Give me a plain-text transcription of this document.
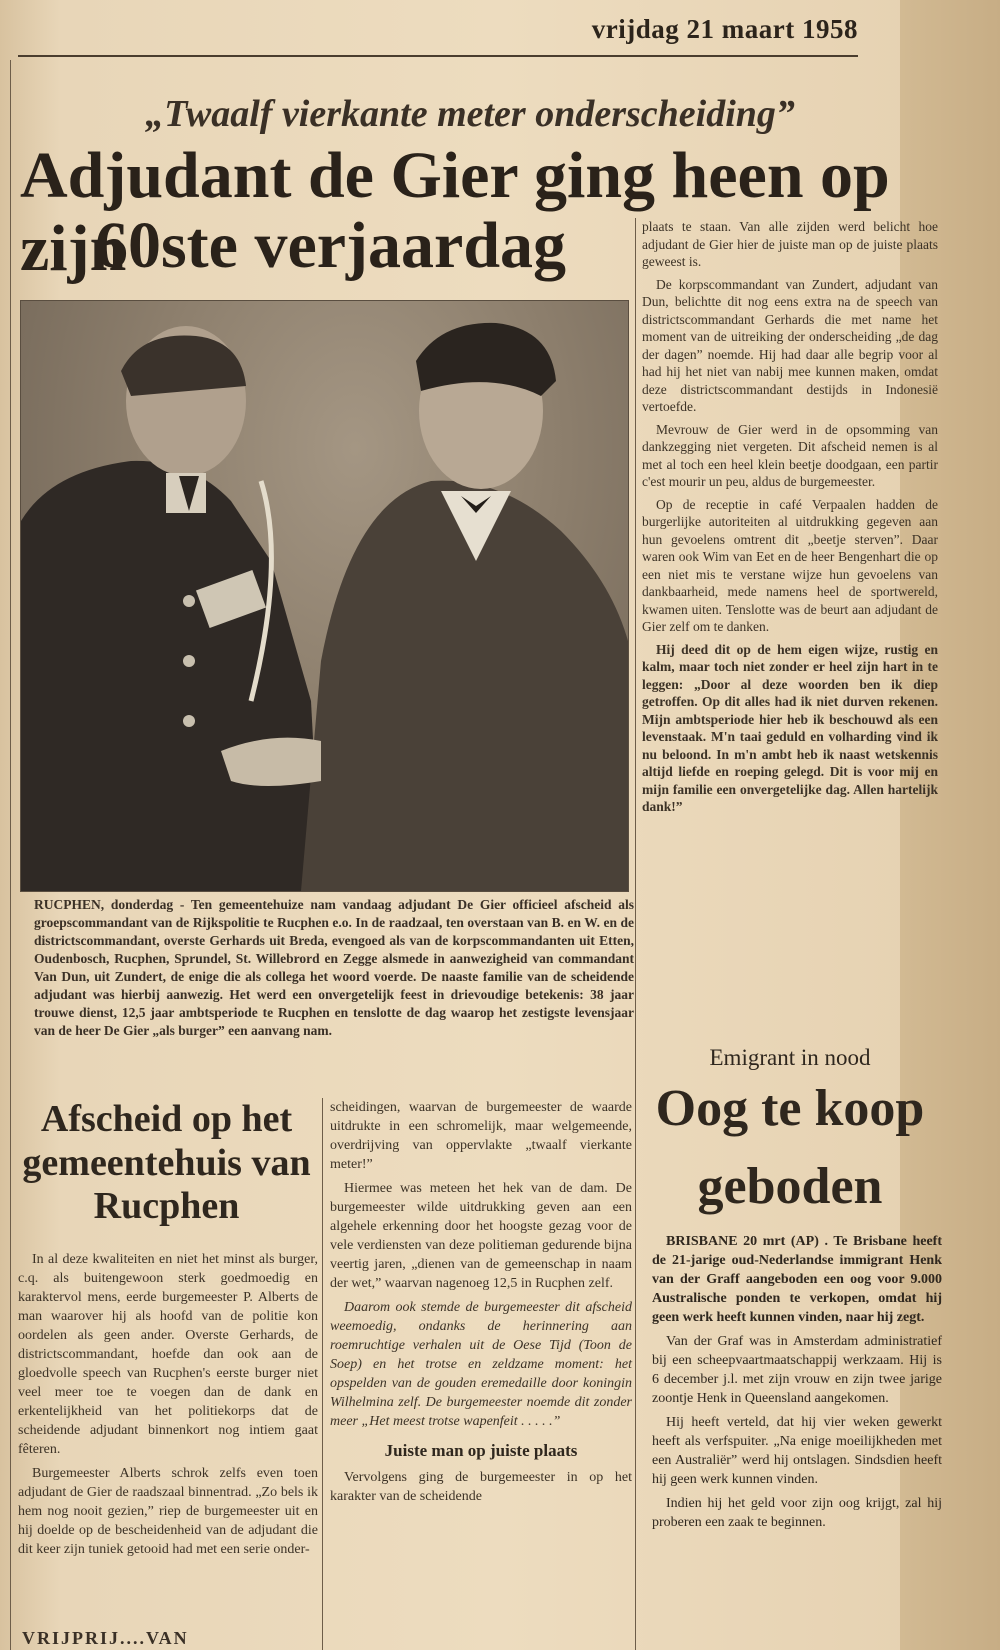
vrijdag 21 maart 1958
„Twaalf vierkante meter onderscheiding”
Adjudant de Gier ging heen op zijn
60ste verjaardag
RUCPHEN, donderdag - Ten gemeentehuize nam vandaag adjudant De Gier officieel afscheid als groepscommandant van de Rijkspolitie te Rucphen e.o. In de raadzaal, ten overstaan van B. en W. en de districtscommandant, overste Gerhards uit Breda, evengoed als van de korpscommandanten uit Etten, Oudenbosch, Rucphen, Sprundel, St. Willebrord en Zegge alsmede in aanwezigheid van commandant Van Dun, uit Zundert, de enige die als collega het woord voerde. De naaste familie van de scheidende adjudant was hierbij aanwezig. Het werd een onvergetelijk feest in drievoudige betekenis: 38 jaar trouwe dienst, 12,5 jaar ambtsperiode te Rucphen en tenslotte de dag waarop het zestigste levensjaar van de heer De Gier „als burger” een aanvang nam.
Afscheid op het gemeentehuis van Rucphen

In al deze kwaliteiten en niet het minst als burger, c.q. als buitengewoon sterk goedmoedig en karaktervol mens, eerde burgemeester P. Alberts de man waarover hij als hoofd van de politie kon oordelen als geen ander. Overste Gerhards, de districtscommandant, hoefde dan ook aan de gloedvolle speech van Rucphen's eerste burger niet veel meer toe te voegen dan de dank en erkentelijkheid van het politiekorps dat de scheidende adjudant binnenkort nog intiem gaat fêteren.

Burgemeester Alberts schrok zelfs even toen adjudant de Gier de raadszaal binnentrad. „Zo bels ik hem nog nooit gezien,” riep de burgemeester uit en hij doelde op de bescheidenheid van de adjudant die dit keer zijn tuniek getooid had met een serie onder-

scheidingen, waarvan de burgemeester de waarde uitdrukte in een schromelijk, maar welgemeende, overdrijving van oppervlakte „twaalf vierkante meter!”

Hiermee was meteen het hek van de dam. De burgemeester wilde uitdrukking geven aan een algehele erkenning door het hoogste gezag voor de vele verdiensten van deze politieman gedurende bijna veertig jaren, „dienen van de gemeenschap in naam der wet,” waarvan nagenoeg 12,5 in Rucphen zelf.

Daarom ook stemde de burgemeester dit afscheid weemoedig, ondanks de herinnering aan roemruchtige verhalen uit de Oese Tijd (Toon de Soep) en het trotse en zeldzame moment: het opspelden van de gouden eremedaille door koningin Wilhelmina zelf. De burgemeester noemde dit zonder meer „Het meest trotse wapenfeit . . . . .”

Juiste man op juiste plaats

Vervolgens ging de burgemeester in op het karakter van de scheidende

plaats te staan. Van alle zijden werd belicht hoe adjudant de Gier hier de juiste man op de juiste plaats geweest is.

De korpscommandant van Zundert, adjudant van Dun, belichtte dit nog eens extra na de speech van districtscommandant Gerhards die met name het moment van de uitreiking der onderscheiding „de dag der dagen” noemde. Hij had daar alle begrip voor al had hij het niet van nabij mee kunnen maken, omdat deze districtscommandant destijds in Indonesië vertoefde.

Mevrouw de Gier werd in de opsomming van dankzegging niet vergeten. Dit afscheid nemen is al met al toch een heel klein beetje doodgaan, een partir c'est mourir un peu, aldus de burgemeester.

Op de receptie in café Verpaalen hadden de burgerlijke autoriteiten al uitdrukking gegeven aan hun gevoelens omtrent dit „beetje sterven”. Daar waren ook Wim van Eet en de heer Bengenhart die op een niet mis te verstane wijze hun gevoelens van dankbaarheid, mede namens heel de sportwereld, kwamen uiten. Tenslotte was de beurt aan adjudant de Gier zelf om te danken.

Hij deed dit op de hem eigen wijze, rustig en kalm, maar toch niet zonder er heel zijn hart in te leggen: „Door al deze woorden ben ik diep getroffen. Op dit alles had ik niet durven rekenen. Mijn ambtsperiode hier heb ik beschouwd als een levenstaak. M'n taai geduld en volharding vind ik nu beloond. In m'n ambt heb ik naast wetskennis altijd liefde en roeping gelegd. Dit is voor mij en mijn familie een onvergetelijke dag. Allen hartelijk dank!”

Emigrant in nood
Oog te koop
geboden

BRISBANE 20 mrt (AP) . Te Brisbane heeft de 21-jarige oud-Nederlandse immigrant Henk van der Graff aangeboden een oog voor 9.000 Australische ponden te verkopen, omdat hij geen werk heeft kunnen vinden, naar hij zegt.

Van der Graf was in Amsterdam administratief bij een scheepvaartmaatschappij werkzaam. Hij is 6 december j.l. met zijn vrouw en zijn twee jarige zoontje Henk in Queensland aangekomen.

Hij heeft verteld, dat hij vier weken gewerkt heeft als verfspuiter. „Na enige moeilijkheden met een Australiër” werd hij ontslagen. Sindsdien heeft hij geen werk kunnen vinden.

Indien hij het geld voor zijn oog krijgt, zal hij proberen een zaak te beginnen.

VRIJPRIJ....VAN
